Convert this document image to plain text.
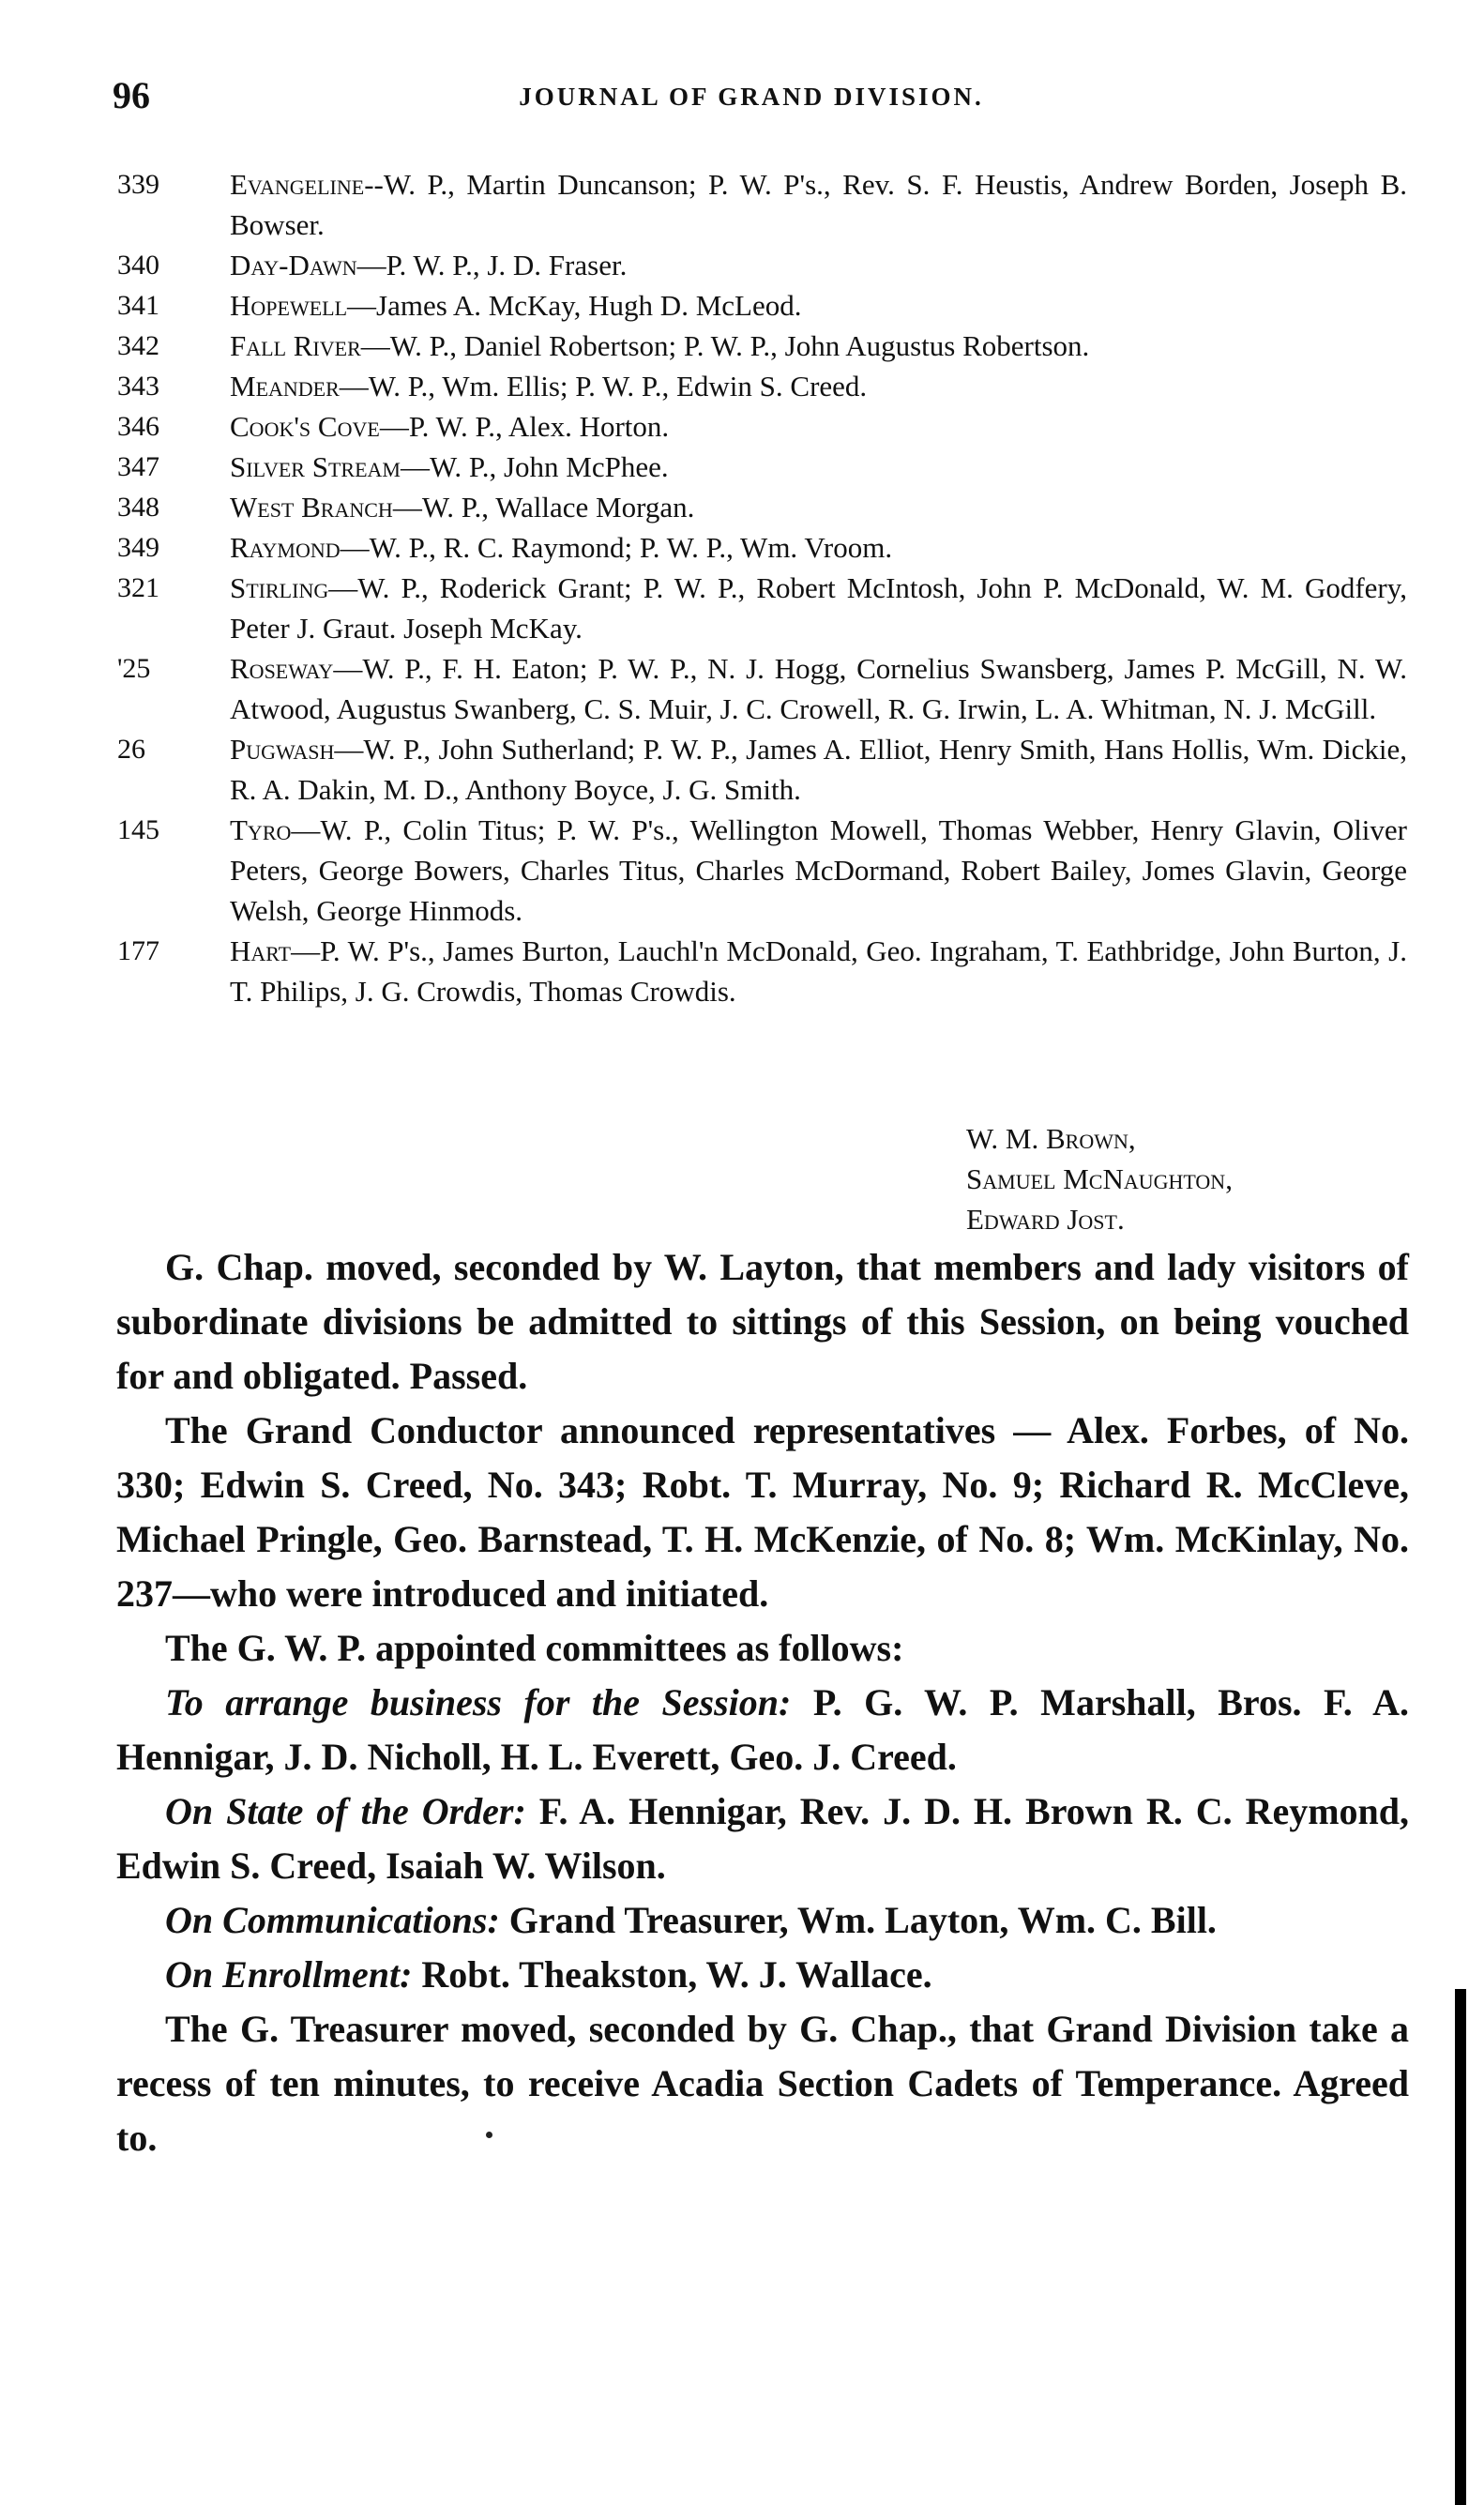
96	JOURNAL OF GRAND DIVISION.
339	Evangeline--W. P., Martin Duncanson; P. W. P's., Rev. S. F. Heustis, Andrew Borden, Joseph B. Bowser.
340	Day-Dawn—P. W. P., J. D. Fraser.
341	Hopewell—James A. McKay, Hugh D. McLeod.
342	Fall River—W. P., Daniel Robertson; P. W. P., John Augustus Robertson.
343	Meander—W. P., Wm. Ellis; P. W. P., Edwin S. Creed.
346	Cook's Cove—P. W. P., Alex. Horton.
347	Silver Stream—W. P., John McPhee.
348	West Branch—W. P., Wallace Morgan.
349	Raymond—W. P., R. C. Raymond; P. W. P., Wm. Vroom.
321	Stirling—W. P., Roderick Grant; P. W. P., Robert McIntosh, John P. McDonald, W. M. Godfery, Peter J. Graut. Joseph McKay.
'25	Roseway—W. P., F. H. Eaton; P. W. P., N. J. Hogg, Cornelius Swansberg, James P. McGill, N. W. Atwood, Augustus Swanberg, C. S. Muir, J. C. Crowell, R. G. Irwin, L. A. Whitman, N. J. McGill.
26	Pugwash—W. P., John Sutherland; P. W. P., James A. Elliot, Henry Smith, Hans Hollis, Wm. Dickie, R. A. Dakin, M. D., Anthony Boyce, J. G. Smith.
145	Tyro—W. P., Colin Titus; P. W. P's., Wellington Mowell, Thomas Webber, Henry Glavin, Oliver Peters, George Bowers, Charles Titus, Charles McDormand, Robert Bailey, Jomes Glavin, George Welsh, George Hinmods.
177	Hart—P. W. P's., James Burton, Lauchl'n McDonald, Geo. Ingraham, T. Eathbridge, John Burton, J. T. Philips, J. G. Crowdis, Thomas Crowdis.
W. M. Brown,
Samuel McNaughton,
Edward Jost.

G. Chap. moved, seconded by W. Layton, that members and lady visitors of subordinate divisions be admitted to sittings of this Session, on being vouched for and obligated. Passed.

The Grand Conductor announced representatives — Alex. Forbes, of No. 330; Edwin S. Creed, No. 343; Robt. T. Murray, No. 9; Richard R. McCleve, Michael Pringle, Geo. Barnstead, T. H. McKenzie, of No. 8; Wm. McKinlay, No. 237—who were introduced and initiated.

The G. W. P. appointed committees as follows:

To arrange business for the Session: P. G. W. P. Marshall, Bros. F. A. Hennigar, J. D. Nicholl, H. L. Everett, Geo. J. Creed.

On State of the Order: F. A. Hennigar, Rev. J. D. H. Brown R. C. Reymond, Edwin S. Creed, Isaiah W. Wilson.

On Communications: Grand Treasurer, Wm. Layton, Wm. C. Bill.

On Enrollment: Robt. Theakston, W. J. Wallace.

The G. Treasurer moved, seconded by G. Chap., that Grand Division take a recess of ten minutes, to receive Acadia Section Cadets of Temperance. Agreed to.
